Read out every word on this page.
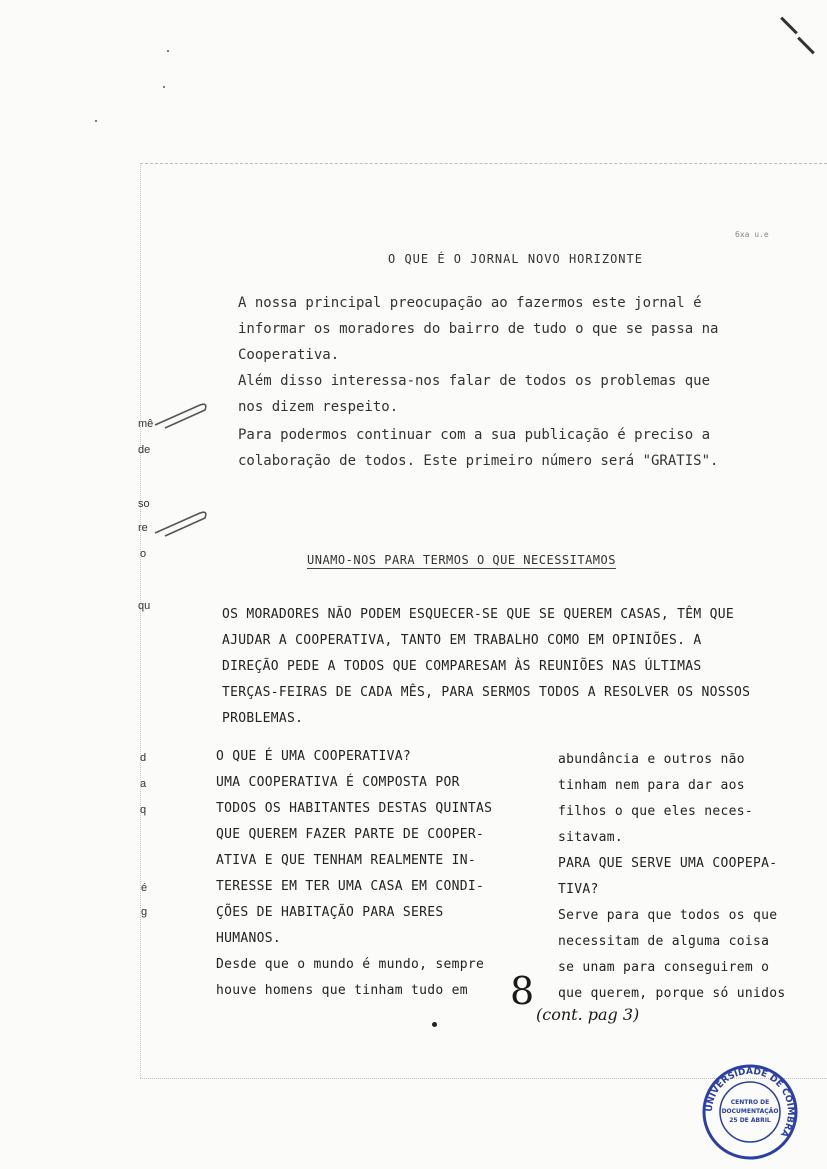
O QUE É O JORNAL NOVO HORIZONTE
6xa u.e
A nossa principal preocupação ao fazermos este jornal é
informar os moradores do bairro de tudo o que se passa na
Cooperativa.
Além disso interessa-nos falar de todos os problemas que
nos dizem respeito.
Para podermos continuar com a sua publicação é preciso a
colaboração de todos. Este primeiro número será "GRATIS".
UNAMO-NOS PARA TERMOS O QUE NECESSITAMOS
OS MORADORES NÃO PODEM ESQUECER-SE QUE SE QUEREM CASAS, TÊM QUE
AJUDAR A COOPERATIVA, TANTO EM TRABALHO COMO EM OPINIÕES. A
DIREÇÃO PEDE A TODOS QUE COMPARESAM ÀS REUNIÕES NAS ÚLTIMAS
TERÇAS-FEIRAS DE CADA MÊS, PARA SERMOS TODOS A RESOLVER OS NOSSOS
PROBLEMAS.
O QUE É UMA COOPERATIVA?
UMA COOPERATIVA É COMPOSTA POR
TODOS OS HABITANTES DESTAS QUINTAS
QUE QUEREM FAZER PARTE DE COOPER-
ATIVA E QUE TENHAM REALMENTE IN-
TERESSE EM TER UMA CASA EM CONDI-
ÇÕES DE HABITAÇÃO PARA SERES
HUMANOS.
Desde que o mundo é mundo, sempre
houve homens que tinham tudo em
abundância e outros não
tinham nem para dar aos
filhos o que eles neces-
sitavam.
PARA QUE SERVE UMA COOPEPA-
TIVA?
Serve para que todos os que
necessitam de alguma coisa
se unam para conseguirem o
que querem, porque só unidos
mê
de
so
re
o
qu
d
a
q
é
g
8
(cont. pag 3)
UNIVERSIDADE DE COIMBRA
CENTRO DE
DOCUMENTAÇÃO
25 DE ABRIL
